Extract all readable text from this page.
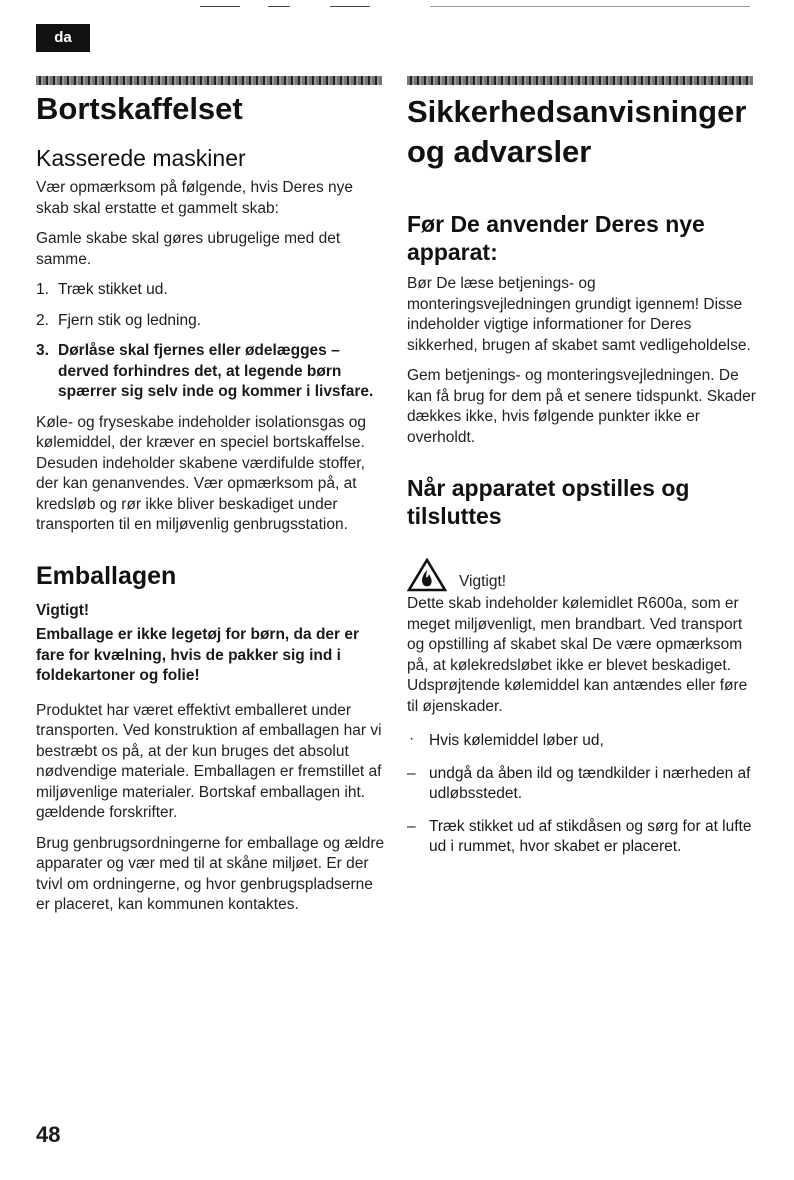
da
Bortskaffelset
Kasserede maskiner

Vær opmærksom på følgende, hvis Deres nye skab skal erstatte et gammelt skab:

Gamle skabe skal gøres ubrugelige med det samme.

1. Træk stikket ud.
2. Fjern stik og ledning.
3. Dørlåse skal fjernes eller ødelægges – derved forhindres det, at legende børn spærrer sig selv inde og kommer i livsfare.

Køle- og fryseskabe indeholder isolationsgas og kølemiddel, der kræver en speciel bortskaffelse. Desuden indeholder skabene værdifulde stoffer, der kan genanvendes. Vær opmærksom på, at kredsløb og rør ikke bliver beskadiget under transporten til en miljøvenlig genbrugsstation.

Emballagen
Vigtigt!
Emballage er ikke legetøj for børn, da der er fare for kvælning, hvis de pakker sig ind i foldekartoner og folie!

Produktet har været effektivt emballeret under transporten. Ved konstruktion af emballagen har vi bestræbt os på, at der kun bruges det absolut nødvendige materiale. Emballagen er fremstillet af miljøvenlige materialer. Bortskaf emballagen iht. gældende forskrifter.

Brug genbrugsordningerne for emballage og ældre apparater og vær med til at skåne miljøet. Er der tvivl om ordningerne, og hvor genbrugspladserne er placeret, kan kommunen kontaktes.

Sikkerhedsanvisninger og advarsler
Før De anvender Deres nye apparat:

Bør De læse betjenings- og monteringsvejledningen grundigt igennem! Disse indeholder vigtige informationer for Deres sikkerhed, brugen af skabet samt vedligeholdelse.

Gem betjenings- og monteringsvejledningen. De kan få brug for dem på et senere tidspunkt. Skader dækkes ikke, hvis følgende punkter ikke er overholdt.

Når apparatet opstilles og tilsluttes

Vigtigt!

Dette skab indeholder kølemidlet R600a, som er meget miljøvenligt, men brandbart. Ved transport og opstilling af skabet skal De være opmærksom på, at kølekredsløbet ikke er blevet beskadiget. Udsprøjtende kølemiddel kan antændes eller føre til øjenskader.

· Hvis kølemiddel løber ud,
– undgå da åben ild og tændkilder i nærheden af udløbsstedet.
– Træk stikket ud af stikdåsen og sørg for at lufte ud i rummet, hvor skabet er placeret.
48
